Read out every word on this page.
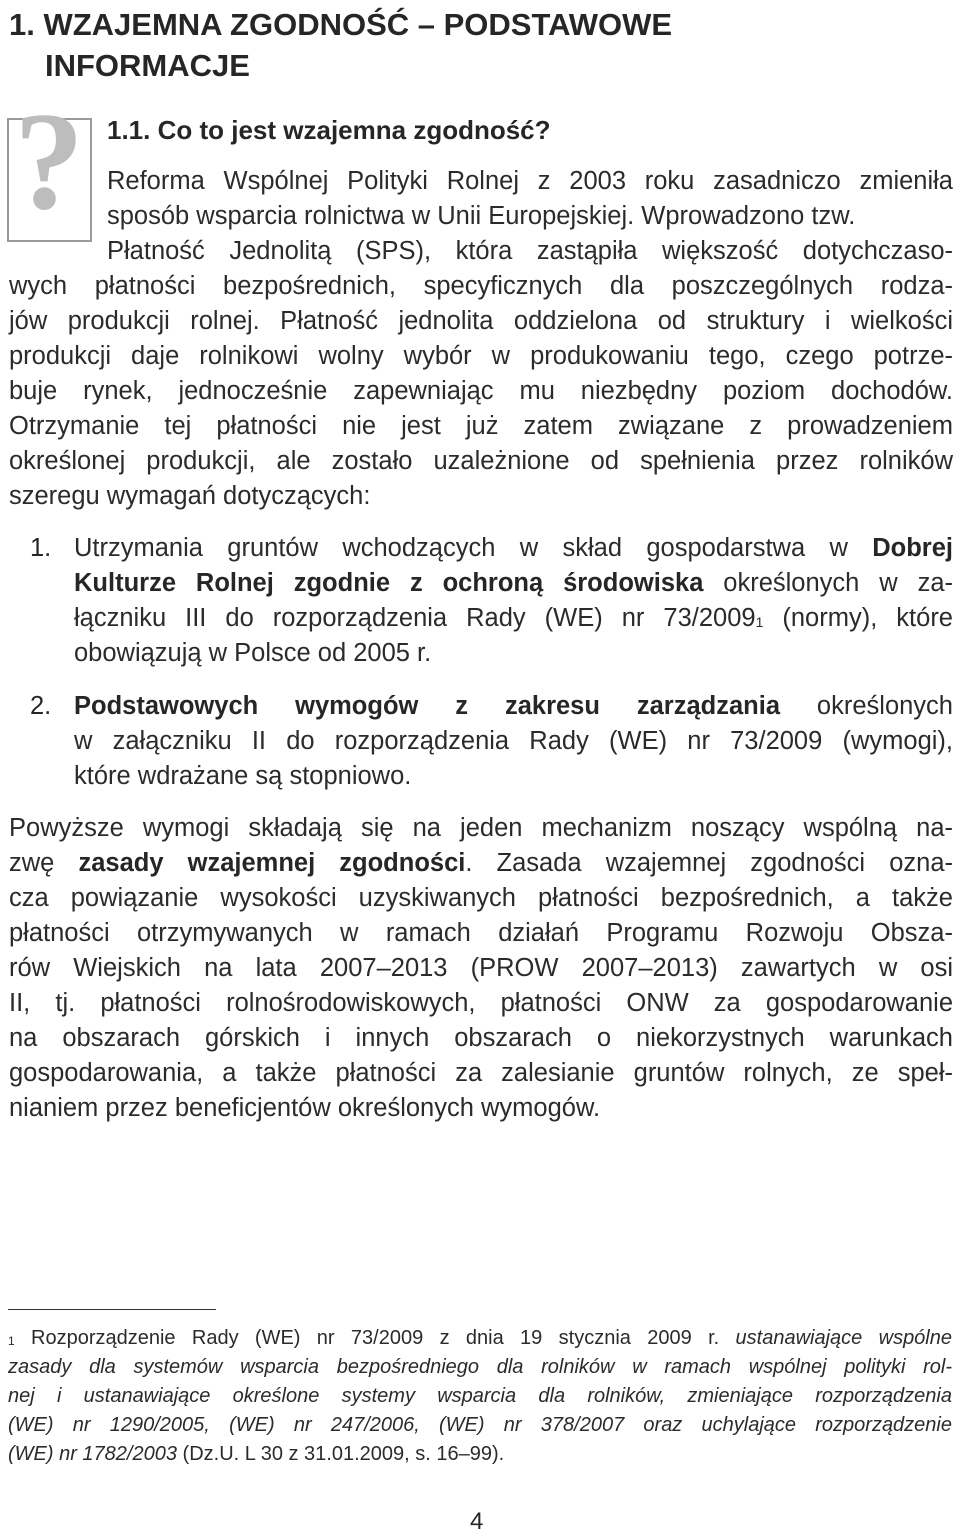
1. WZAJEMNA ZGODNOŚĆ – PODSTAWOWE
INFORMACJE
? 1.1. Co to jest wzajemna zgodność?
Reforma Wspólnej Polityki Rolnej z 2003 roku zasadniczo zmieniła
sposób wsparcia rolnictwa w Unii Europejskiej. Wprowadzono tzw.
Płatność Jednolitą (SPS), która zastąpiła większość dotychczaso-
wych płatności bezpośrednich, specyficznych dla poszczególnych rodza-
jów produkcji rolnej. Płatność jednolita oddzielona od struktury i wielkości
produkcji daje rolnikowi wolny wybór w produkowaniu tego, czego potrze-
buje rynek, jednocześnie zapewniając mu niezbędny poziom dochodów.
Otrzymanie tej płatności nie jest już zatem związane z prowadzeniem
określonej produkcji, ale zostało uzależnione od spełnienia przez rolników
szeregu wymagań dotyczących:
1. Utrzymania gruntów wchodzących w skład gospodarstwa w Dobrej
Kulturze Rolnej zgodnie z ochroną środowiska określonych w za-
łączniku III do rozporządzenia Rady (WE) nr 73/2009$^1$ (normy), które
obowiązują w Polsce od 2005 r.
2. Podstawowych wymogów z zakresu zarządzania określonych
w załączniku II do rozporządzenia Rady (WE) nr 73/2009 (wymogi),
które wdrażane są stopniowo.
Powyższe wymogi składają się na jeden mechanizm noszący wspólną na-
zwę zasady wzajemnej zgodności. Zasada wzajemnej zgodności ozna-
cza powiązanie wysokości uzyskiwanych płatności bezpośrednich, a także
płatności otrzymywanych w ramach działań Programu Rozwoju Obsza-
rów Wiejskich na lata 2007–2013 (PROW 2007–2013) zawartych w osi
II, tj. płatności rolnośrodowiskowych, płatności ONW za gospodarowanie
na obszarach górskich i innych obszarach o niekorzystnych warunkach
gospodarowania, a także płatności za zalesianie gruntów rolnych, ze speł-
nianiem przez beneficjentów określonych wymogów.
$^1$ Rozporządzenie Rady (WE) nr 73/2009 z dnia 19 stycznia 2009 r. ustanawiające wspólne
zasady dla systemów wsparcia bezpośredniego dla rolników w ramach wspólnej polityki rol-
nej i ustanawiające określone systemy wsparcia dla rolników, zmieniające rozporządzenia
(WE) nr 1290/2005, (WE) nr 247/2006, (WE) nr 378/2007 oraz uchylające rozporządzenie
(WE) nr 1782/2003 (Dz.U. L 30 z 31.01.2009, s. 16–99).
4
